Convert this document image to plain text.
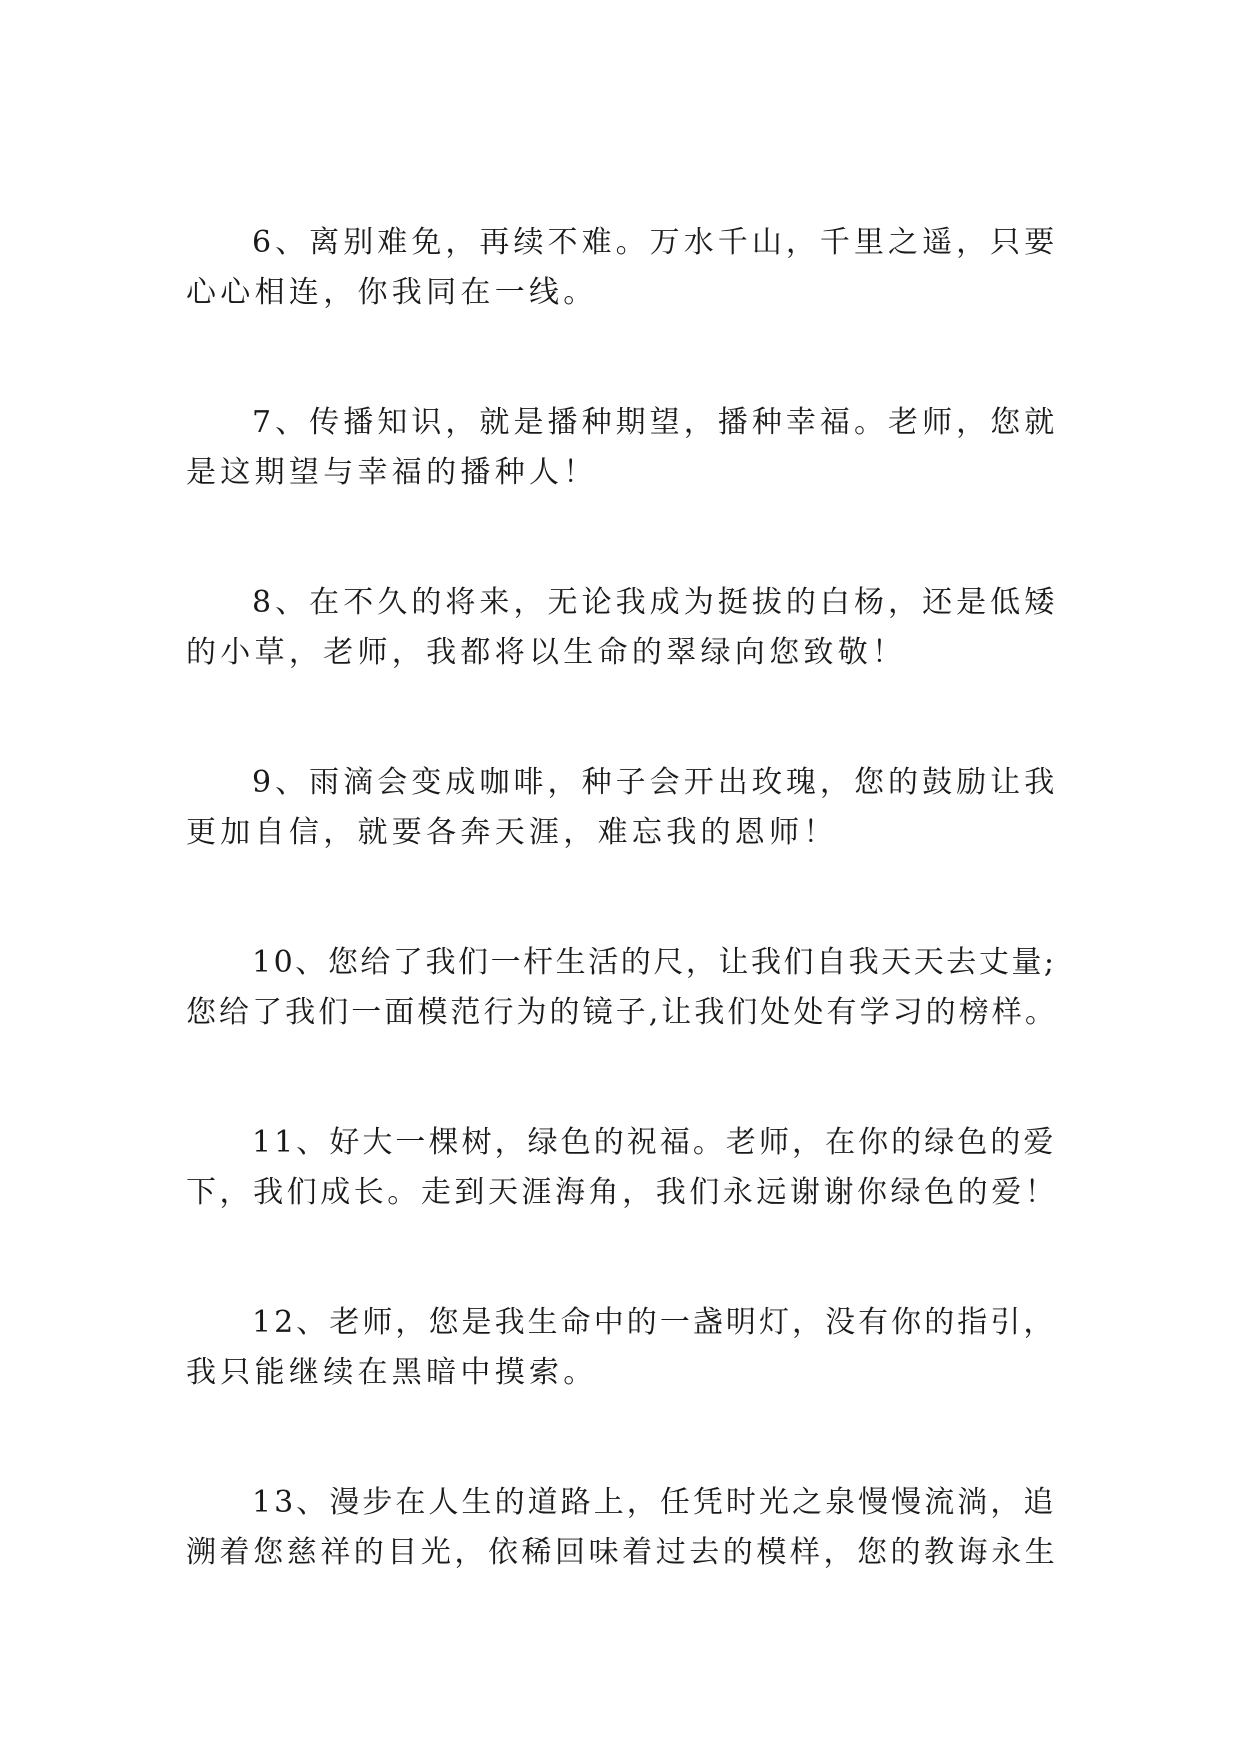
6、离别难免，再续不难。万水千山，千里之遥，只要
心心相连，你我同在一线。
7、传播知识，就是播种期望，播种幸福。老师，您就
是这期望与幸福的播种人！
8、在不久的将来，无论我成为挺拔的白杨，还是低矮
的小草，老师，我都将以生命的翠绿向您致敬！
9、雨滴会变成咖啡，种子会开出玫瑰，您的鼓励让我
更加自信，就要各奔天涯，难忘我的恩师！
10、您给了我们一杆生活的尺，让我们自我天天去丈量;
您给了我们一面模范行为的镜子,让我们处处有学习的榜样。
11、好大一棵树，绿色的祝福。老师，在你的绿色的爱
下，我们成长。走到天涯海角，我们永远谢谢你绿色的爱！
12、老师，您是我生命中的一盏明灯，没有你的指引，
我只能继续在黑暗中摸索。
13、漫步在人生的道路上，任凭时光之泉慢慢流淌，追
溯着您慈祥的目光，依稀回味着过去的模样，您的教诲永生
